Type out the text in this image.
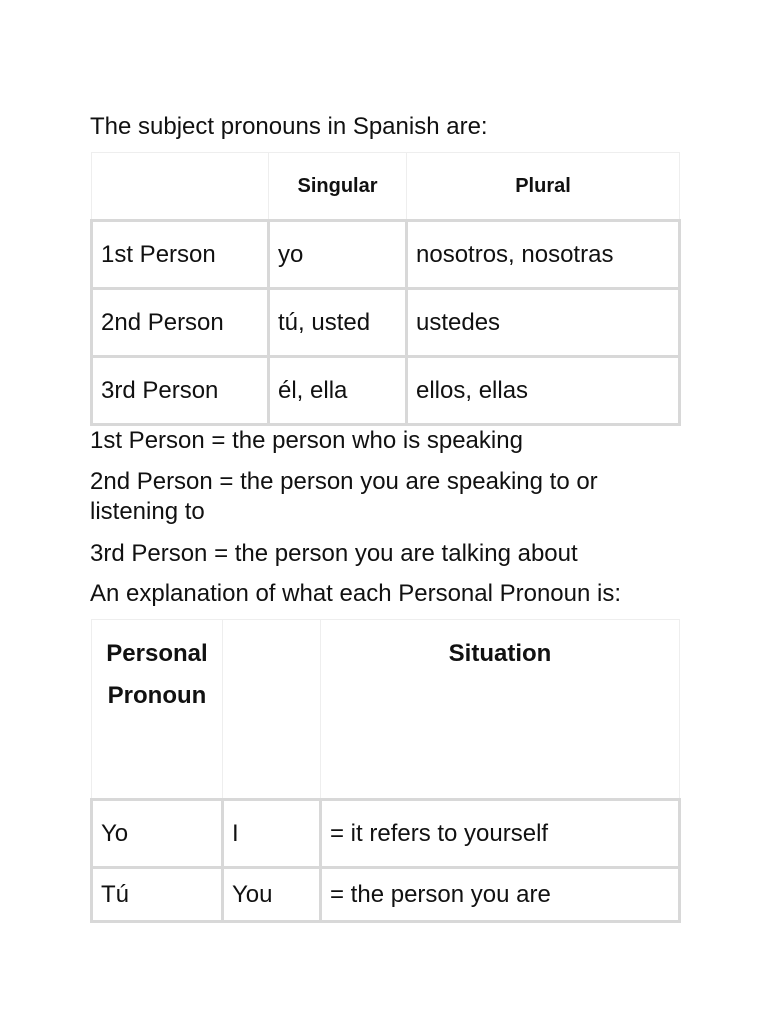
The subject pronouns in Spanish are:
	Singular	Plural
1st Person	yo	nosotros, nosotras
2nd Person	tú, usted	ustedes
3rd Person	él, ella	ellos, ellas
1st Person = the person who is speaking
2nd Person = the person you are speaking to or listening to
3rd Person = the person you are talking about
An explanation of what each Personal Pronoun is:
Personal
Pronoun		Situation
Yo	I	= it refers to yourself
Tú	You	= the person you are
